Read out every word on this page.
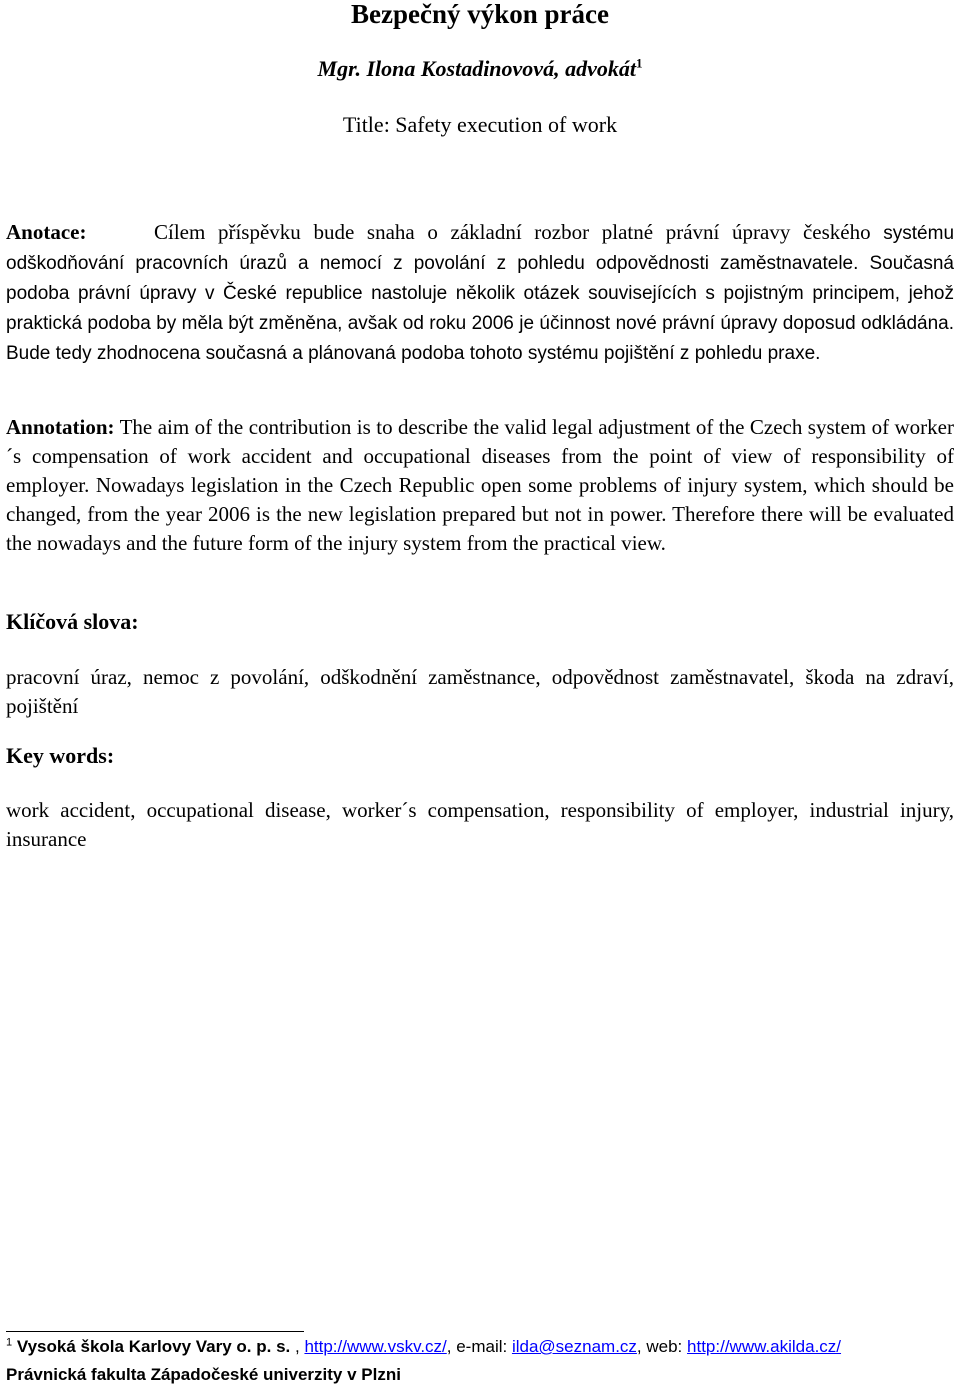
Bezpečný výkon práce
Mgr. Ilona Kostadinovová, advokát$^1$
Title: Safety execution of work
Anotace:	Cílem příspěvku bude snaha o základní rozbor platné právní úpravy českého systému odškodňování pracovních úrazů a nemocí z povolání z pohledu odpovědnosti zaměstnavatele. Současná podoba právní úpravy v České republice nastoluje několik otázek souvisejících s pojistným principem, jehož praktická podoba by měla být změněna, avšak od roku 2006 je účinnost nové právní úpravy doposud odkládána. Bude tedy zhodnocena současná a plánovaná podoba tohoto systému pojištění z pohledu praxe.
Annotation: The aim of the contribution is to describe the valid legal adjustment of the Czech system of worker´s compensation of work accident and occupational diseases from the point of view of responsibility of employer. Nowadays legislation in the Czech Republic open some problems of injury system, which should be changed, from the year 2006 is the new legislation prepared but not in power. Therefore there will be evaluated the nowadays and the future form of the injury system from the practical view.
Klíčová slova:
pracovní úraz, nemoc z povolání, odškodnění zaměstnance, odpovědnost zaměstnavatel, škoda na zdraví, pojištění
Key words:
work accident, occupational disease, worker´s compensation, responsibility of employer, industrial injury, insurance
$^1$ Vysoká škola Karlovy Vary o. p. s. , http://www.vskv.cz/, e-mail: ilda@seznam.cz, web: http://www.akilda.cz/
Právnická fakulta Západočeské univerzity v Plzni
